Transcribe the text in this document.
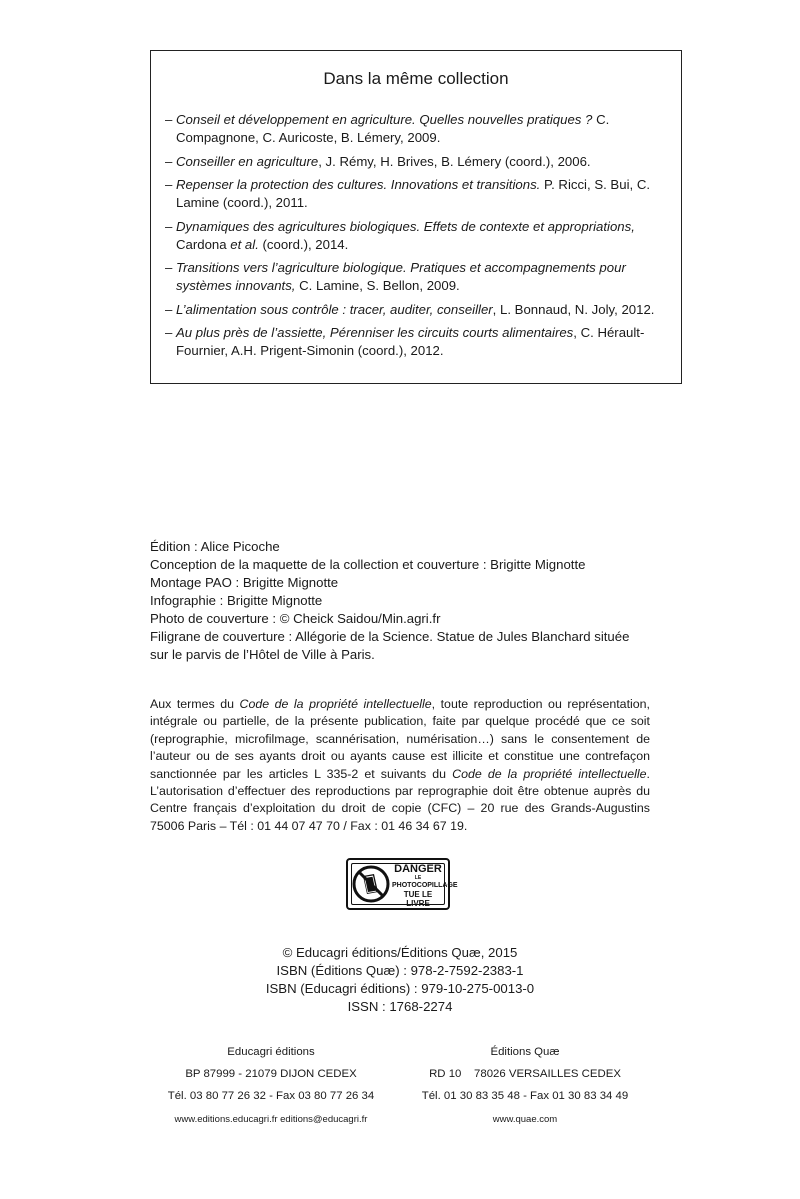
Dans la même collection
– Conseil et développement en agriculture. Quelles nouvelles pratiques ? C. Compagnone, C. Auricoste, B. Lémery, 2009.
– Conseiller en agriculture, J. Rémy, H. Brives, B. Lémery (coord.), 2006.
– Repenser la protection des cultures. Innovations et transitions. P. Ricci, S. Bui, C. Lamine (coord.), 2011.
– Dynamiques des agricultures biologiques. Effets de contexte et appropriations, Cardona et al. (coord.), 2014.
– Transitions vers l’agriculture biologique. Pratiques et accompagnements pour systèmes innovants, C. Lamine, S. Bellon, 2009.
– L’alimentation sous contrôle : tracer, auditer, conseiller, L. Bonnaud, N. Joly, 2012.
– Au plus près de l’assiette, Pérenniser les circuits courts alimentaires, C. Hérault-Fournier, A.H. Prigent-Simonin (coord.), 2012.
Édition : Alice Picoche
Conception de la maquette de la collection et couverture : Brigitte Mignotte
Montage PAO : Brigitte Mignotte
Infographie : Brigitte Mignotte
Photo de couverture : © Cheick Saidou/Min.agri.fr
Filigrane de couverture : Allégorie de la Science. Statue de Jules Blanchard située sur le parvis de l’Hôtel de Ville à Paris.
Aux termes du Code de la propriété intellectuelle, toute reproduction ou représentation, intégrale ou partielle, de la présente publication, faite par quelque procédé que ce soit (reprographie, microfilmage, scannérisation, numérisation…) sans le consentement de l’auteur ou de ses ayants droit ou ayants cause est illicite et constitue une contrefaçon sanctionnée par les articles L 335-2 et suivants du Code de la propriété intellectuelle. L’autorisation d’effectuer des reproductions par reprographie doit être obtenue auprès du Centre français d’exploitation du droit de copie (CFC) – 20 rue des Grands-Augustins 75006 Paris – Tél : 01 44 07 47 70 / Fax : 01 46 34 67 19.
DANGER
LE
PHOTOCOPILLAGE
TUE LE LIVRE
© Educagri éditions/Éditions Quæ, 2015
ISBN (Éditions Quæ) : 978-2-7592-2383-1
ISBN (Educagri éditions) : 979-10-275-0013-0
ISSN : 1768-2274
Educagri éditions
BP 87999 - 21079 DIJON CEDEX
Tél. 03 80 77 26 32 - Fax 03 80 77 26 34
www.editions.educagri.fr editions@educagri.fr
Éditions Quæ
RD 10    78026 VERSAILLES CEDEX
Tél. 01 30 83 35 48 - Fax 01 30 83 34 49
www.quae.com
